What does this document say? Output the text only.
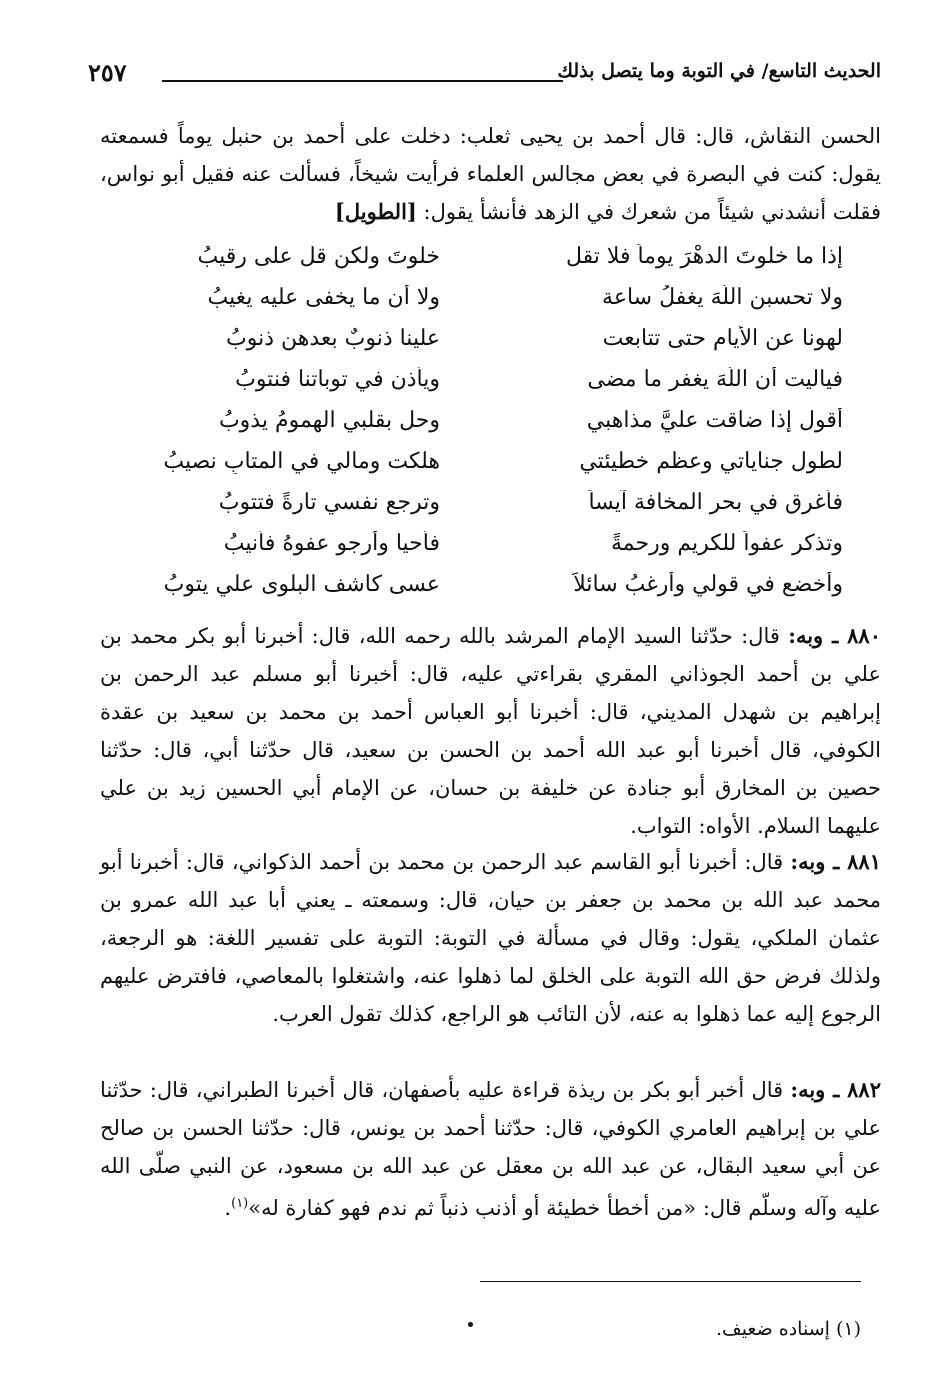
الحديث التاسع/ في التوبة وما يتصل بذلك
٢٥٧

الحسن النقاش، قال: قال أحمد بن يحيى ثعلب: دخلت على أحمد بن حنبل يوماً فسمعته يقول: كنت في البصرة في بعض مجالس العلماء فرأيت شيخاً، فسألت عنه فقيل أبو نواس، فقلت أنشدني شيئاً من شعرك في الزهد فأنشأ يقول: [الطويل]

إذا ما خلوتَ الدهْرَ يوماً فلا تقل
خلوتَ ولكن قل على رقيبُ
ولا تحسبن اللَّهَ يغفلُ ساعة
ولا أن ما يخفى عليه يغيبُ
لهونا عن الأيامِ حتى تتابعت
علينا ذنوبٌ بعدهن ذنوبُ
فياليت أن اللَّهَ يغفر ما مضى
ويأذن في توباتنا فنتوبُ
أقول إذا ضاقت عليَّ مذاهبي
وحل بقلبي الهمومُ يذوبُ
لطول جناياتي وعظم خطيئتي
هلكت ومالي في المتابِ نصيبُ
فأغرق في بحر المخافة آيساً
وترجع نفسي تارةً فتتوبُ
وتذكر عفواً للكريم ورحمةً
فأحيا وأرجو عفوهُ فأنيبُ
وأخضع في قولي وأرغبُ سائلاً
عسى كاشف البلوى علي يتوبُ

٨٨٠ ـ وبه: قال: حدّثنا السيد الإمام المرشد بالله رحمه الله، قال: أخبرنا أبو بكر محمد بن علي بن أحمد الجوذاني المقري بقراءتي عليه، قال: أخبرنا أبو مسلم عبد الرحمن بن إبراهيم بن شهدل المديني، قال: أخبرنا أبو العباس أحمد بن محمد بن سعيد بن عقدة الكوفي، قال أخبرنا أبو عبد الله أحمد بن الحسن بن سعيد، قال حدّثنا أبي، قال: حدّثنا حصين بن المخارق أبو جنادة عن خليفة بن حسان، عن الإمام أبي الحسين زيد بن علي عليهما السلام. الأواه: التواب.

٨٨١ ـ وبه: قال: أخبرنا أبو القاسم عبد الرحمن بن محمد بن أحمد الذكواني، قال: أخبرنا أبو محمد عبد الله بن محمد بن جعفر بن حيان، قال: وسمعته ـ يعني أبا عبد الله عمرو بن عثمان الملكي، يقول: وقال في مسألة في التوبة: التوبة على تفسير اللغة: هو الرجعة، ولذلك فرض حق الله التوبة على الخلق لما ذهلوا عنه، واشتغلوا بالمعاصي، فافترض عليهم الرجوع إليه عما ذهلوا به عنه، لأن التائب هو الراجع، كذلك تقول العرب.

٨٨٢ ـ وبه: قال أخبر أبو بكر بن ريذة قراءة عليه بأصفهان، قال أخبرنا الطبراني، قال: حدّثنا علي بن إبراهيم العامري الكوفي، قال: حدّثنا أحمد بن يونس، قال: حدّثنا الحسن بن صالح عن أبي سعيد البقال، عن عبد الله بن معقل عن عبد الله بن مسعود، عن النبي صلّى الله عليه وآله وسلّم قال: «من أخطأ خطيئة أو أذنب ذنباً ثم ندم فهو كفارة له»$^{(١)}$.

(١) إسناده ضعيف.
